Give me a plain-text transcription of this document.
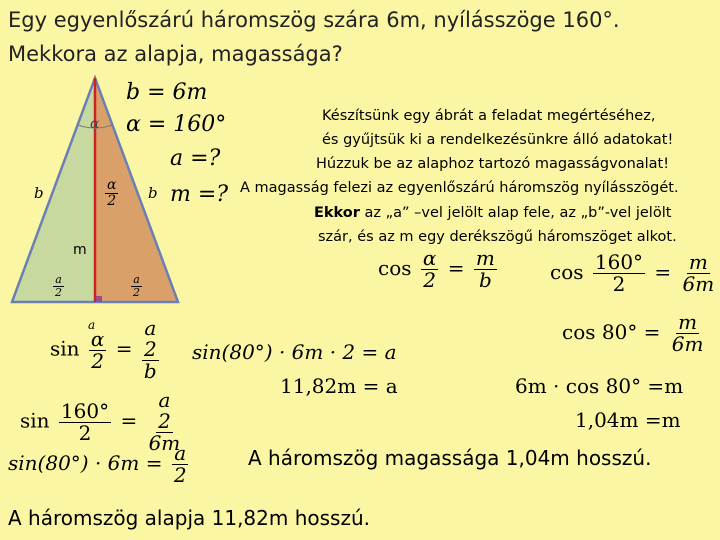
Egy egyenlőszárú háromszög szára 6m, nyílásszöge 160°.
Mekkora az alapja, magassága?
α
$\frac{\alpha}{2}$
b	b
m
$\frac{a}{2}$	$\frac{a}{2}$
b = 6m
α = 160°
a =?
m =?
Készítsünk egy ábrát a feladat megértéséhez,
és gyűjtsük ki a rendelkezésünkre álló adatokat!
Húzzuk be az alaphoz tartozó magasságvonalat!
A magasság felezi az egyenlőszárú háromszög nyílásszögét.
Ekkor az „a” –vel jelölt alap fele, az „b”-vel jelölt
szár, és az m egy derékszögű háromszöget alkot.
$\cos \frac{\alpha}{2} = \frac{m}{b}$	$\cos \frac{160^\circ}{2} = \frac{m}{6m}$
$\cos 80^\circ = \frac{m}{6m}$
6m · cos 80° =m
1,04m =m
a
$\sin \frac{\alpha}{2}$ =
a
2
b
$\sin \frac{160^\circ}{2}$ =
a
2
6m
$\sin(80^\circ) \cdot 6m = \frac{a}{2}$
sin(80°) · 6m · 2 = a
11,82m = a
A háromszög magassága 1,04m hosszú.
A háromszög alapja 11,82m hosszú.
